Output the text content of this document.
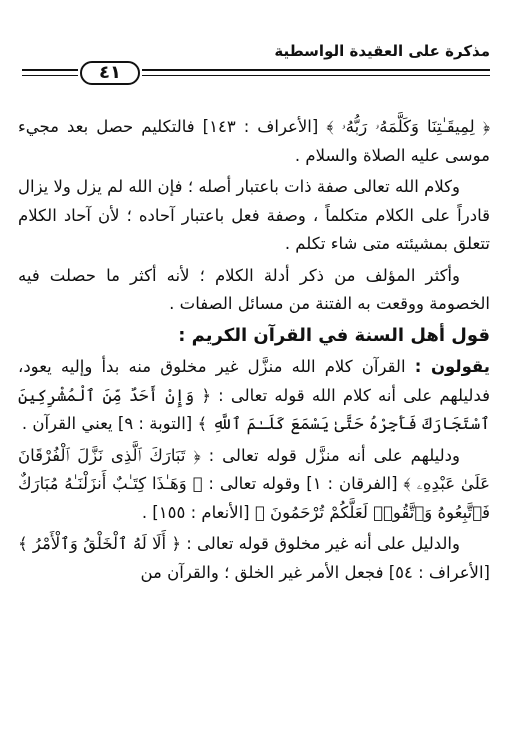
مذكرة على العقيدة الواسطية
٤١

﴿ لِمِيقَـٰتِنَا وَكَلَّمَهُۥ رَبُّهُۥ ﴾ [الأعراف : ١٤٣] فالتكليم حصل بعد مجيء موسى عليه الصلاة والسلام .

وكلام الله تعالى صفة ذات باعتبار أصله ؛ فإن الله لم يزل ولا يزال قادراً على الكلام متكلماً ، وصفة فعل باعتبار آحاده ؛ لأن آحاد الكلام تتعلق بمشيئته متى شاء تكلم .

وأكثر المؤلف من ذكر أدلة الكلام ؛ لأنه أكثر ما حصلت فيه الخصومة ووقعت به الفتنة من مسائل الصفات .

قول أهل السنة في القرآن الكريم :

يقولون : القرآن كلام الله منزَّل غير مخلوق منه بدأ وإليه يعود، فدليلهم على أنه كلام الله قوله تعالى : ﴿ وَإِنْ أَحَدٌ مِّنَ ٱلْمُشْرِكِينَ ٱسْتَجَارَكَ فَأَجِرْهُ حَتَّىٰ يَسْمَعَ كَلَـٰمَ ٱللَّهِ ﴾ [التوبة : ٩] يعني القرآن .

ودليلهم على أنه منزَّل قوله تعالى : ﴿ تَبَارَكَ ٱلَّذِى نَزَّلَ ٱلْفُرْقَانَ عَلَىٰ عَبْدِهِۦ ﴾ [الفرقان : ١] وقوله تعالى : ﴿ وَهَـٰذَا كِتَـٰبٌ أَنزَلْنَـٰهُ مُبَارَكٌ فَٱتَّبِعُوهُ وَٱتَّقُوا۟ لَعَلَّكُمْ تُرْحَمُونَ ﴾ [الأنعام : ١٥٥] .

والدليل على أنه غير مخلوق قوله تعالى : ﴿ أَلَا لَهُ ٱلْخَلْقُ وَٱلْأَمْرُ ﴾ [الأعراف : ٥٤] فجعل الأمر غير الخلق ؛ والقرآن من
